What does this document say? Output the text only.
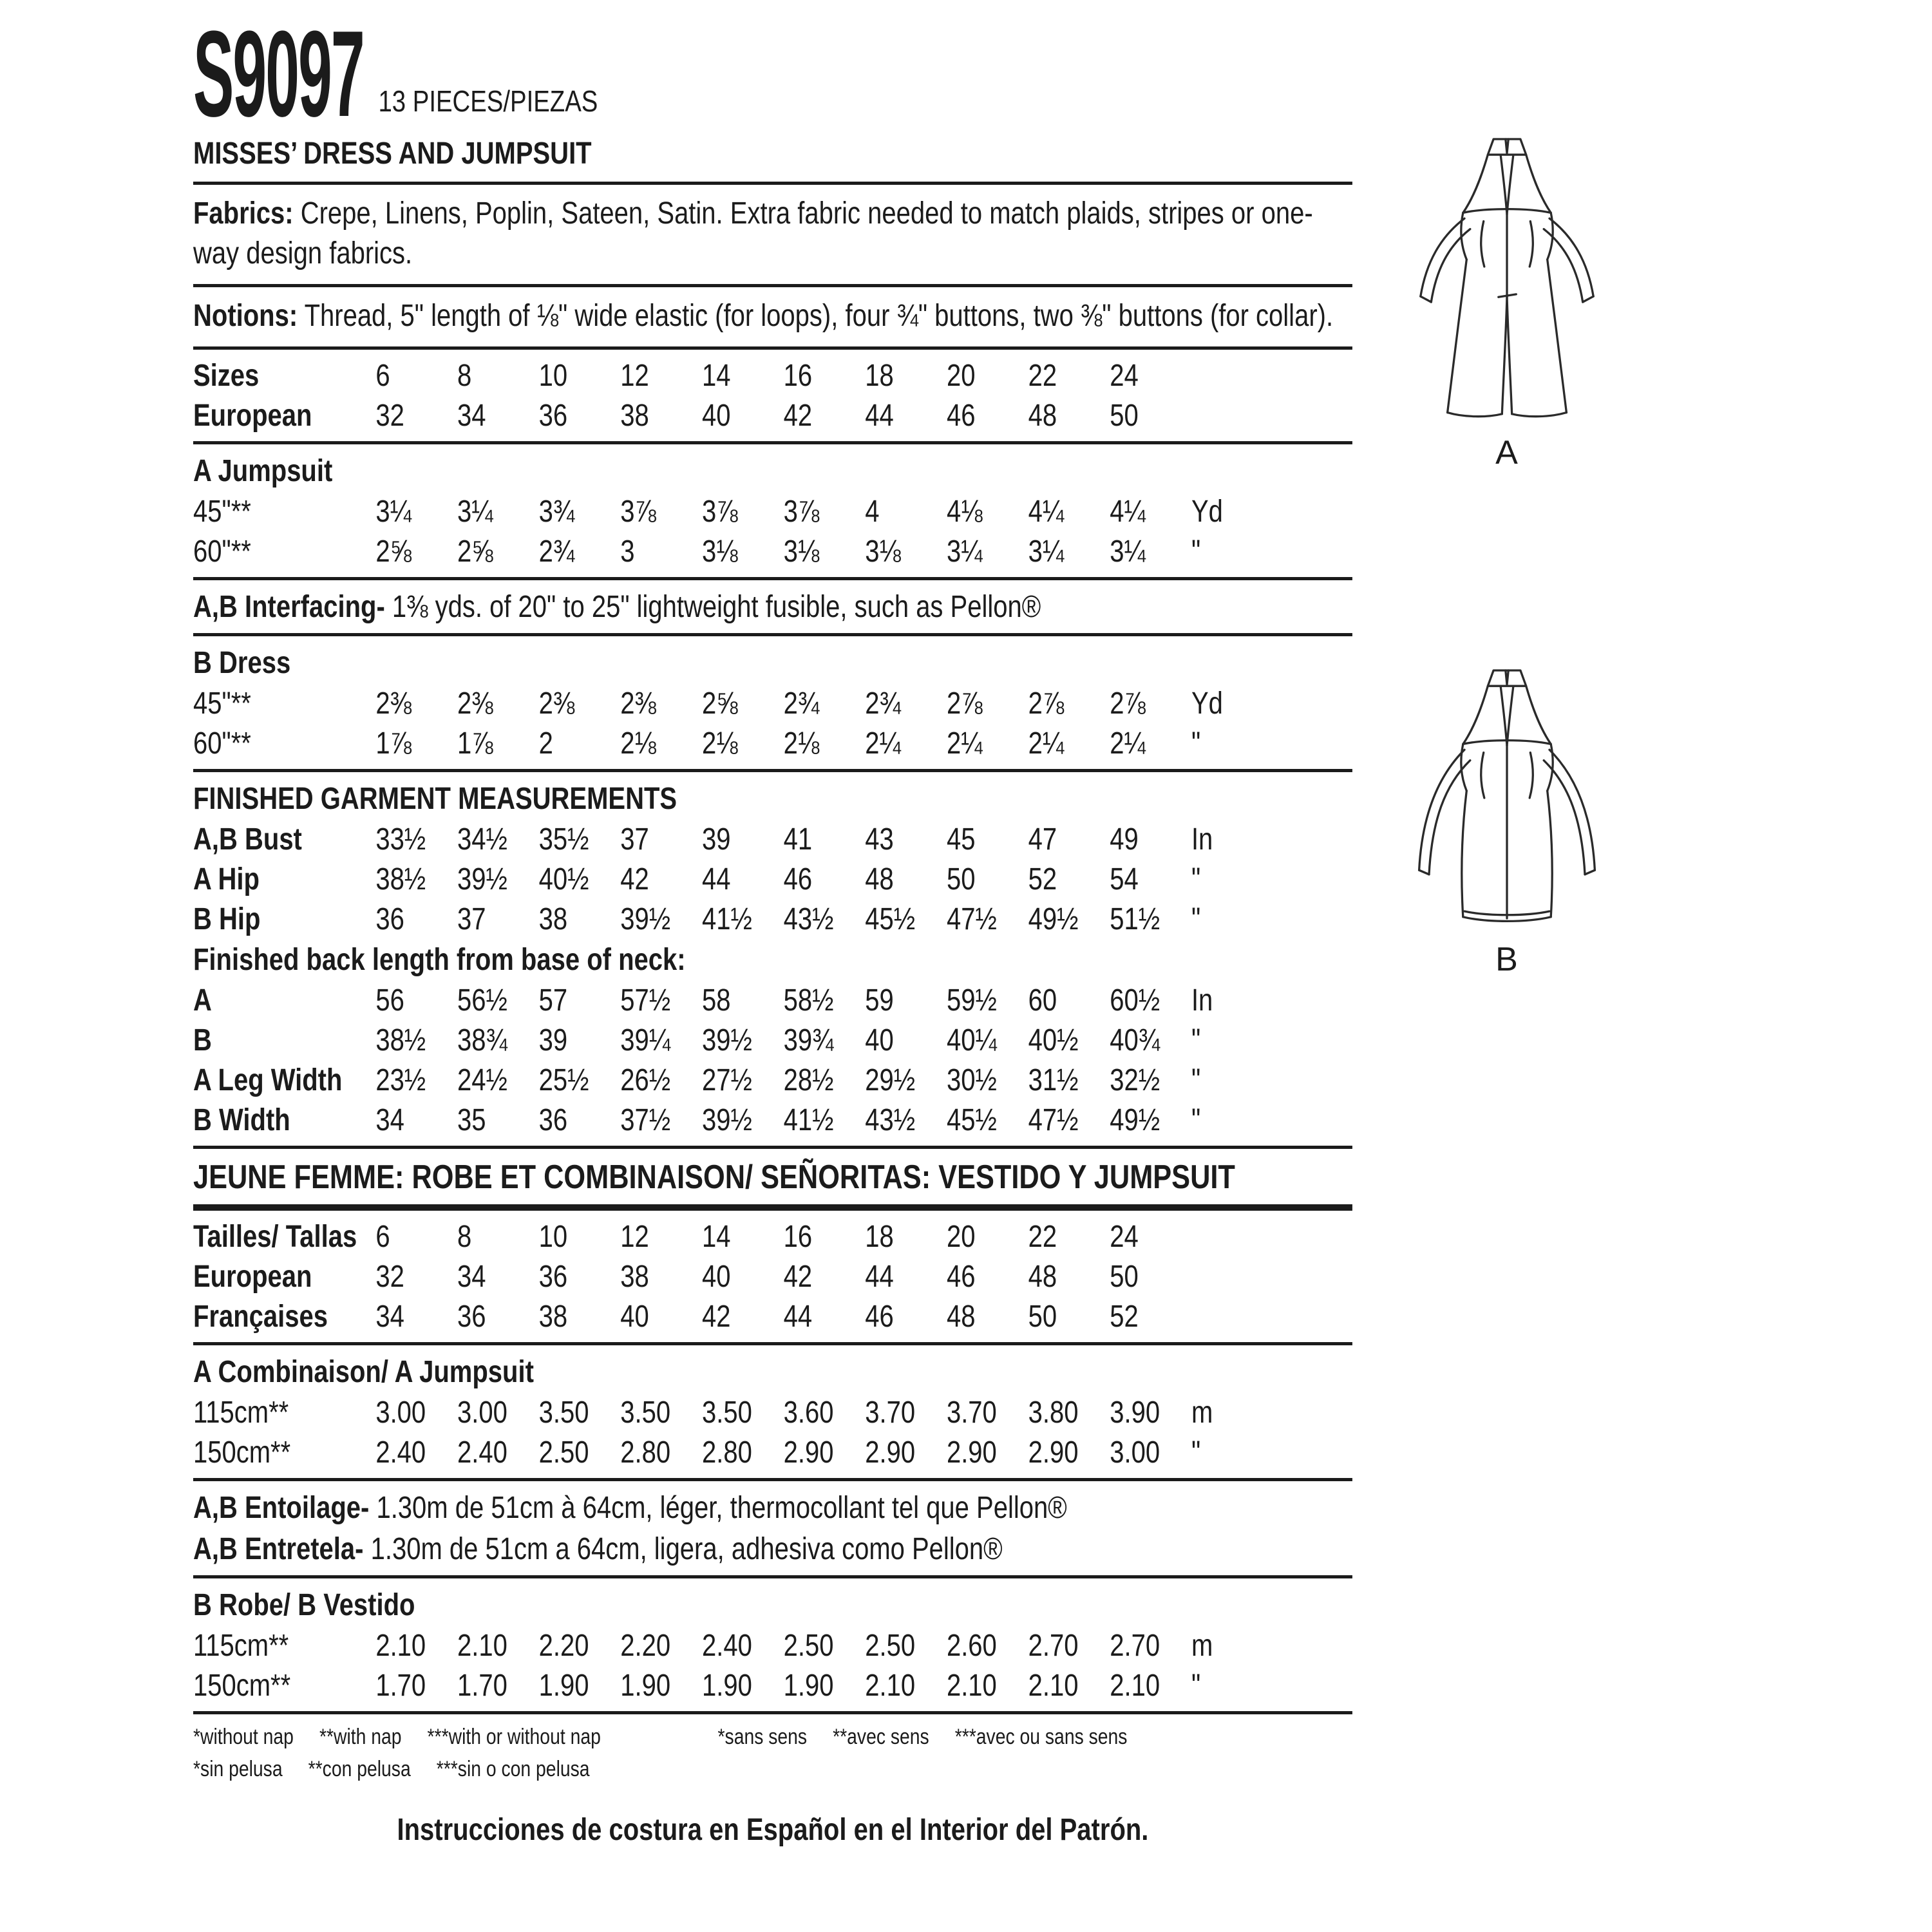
S9097 13 PIECES/PIEZAS
MISSES’ DRESS AND JUMPSUIT
Fabrics: Crepe, Linens, Poplin, Sateen, Satin. Extra fabric needed to match plaids, stripes or one-way design fabrics.
Notions: Thread, 5" length of ⅛" wide elastic (for loops), four ¾" buttons, two ⅜" buttons (for collar).
Sizes	6	8	10	12	14	16	18	20	22	24
European	32	34	36	38	40	42	44	46	48	50
A Jumpsuit
45"**	3¼	3¼	3¾	3⅞	3⅞	3⅞	4	4⅛	4¼	4¼	Yd
60"**	2⅝	2⅝	2¾	3	3⅛	3⅛	3⅛	3¼	3¼	3¼	"
A,B Interfacing- 1⅜ yds. of 20" to 25" lightweight fusible, such as Pellon®
B Dress
45"**	2⅜	2⅜	2⅜	2⅜	2⅝	2¾	2¾	2⅞	2⅞	2⅞	Yd
60"**	1⅞	1⅞	2	2⅛	2⅛	2⅛	2¼	2¼	2¼	2¼	"
FINISHED GARMENT MEASUREMENTS
A,B Bust	33½	34½	35½	37	39	41	43	45	47	49	In
A Hip	38½	39½	40½	42	44	46	48	50	52	54	"
B Hip	36	37	38	39½	41½	43½	45½	47½	49½	51½	"
Finished back length from base of neck:
A	56	56½	57	57½	58	58½	59	59½	60	60½	In
B	38½	38¾	39	39¼	39½	39¾	40	40¼	40½	40¾	"
A Leg Width	23½	24½	25½	26½	27½	28½	29½	30½	31½	32½	"
B Width	34	35	36	37½	39½	41½	43½	45½	47½	49½	"
JEUNE FEMME: ROBE ET COMBINAISON/ SEÑORITAS: VESTIDO Y JUMPSUIT
Tailles/ Tallas 6	8	10	12	14	16	18	20	22	24
European	32	34	36	38	40	42	44	46	48	50
Françaises	34	36	38	40	42	44	46	48	50	52
A Combinaison/ A Jumpsuit
115cm**	3.00	3.00	3.50	3.50	3.50	3.60	3.70	3.70	3.80	3.90	m
150cm**	2.40	2.40	2.50	2.80	2.80	2.90	2.90	2.90	2.90	3.00	"
A,B Entoilage- 1.30m de 51cm à 64cm, léger, thermocollant tel que Pellon®
A,B Entretela- 1.30m de 51cm a 64cm, ligera, adhesiva como Pellon®
B Robe/ B Vestido
115cm**	2.10	2.10	2.20	2.20	2.40	2.50	2.50	2.60	2.70	2.70	m
150cm**	1.70	1.70	1.90	1.90	1.90	1.90	2.10	2.10	2.10	2.10	"
*without nap **with nap ***with or without nap	*sans sens **avec sens ***avec ou sans sens
*sin pelusa **con pelusa ***sin o con pelusa
Instrucciones de costura en Español en el Interior del Patrón.
A
B
